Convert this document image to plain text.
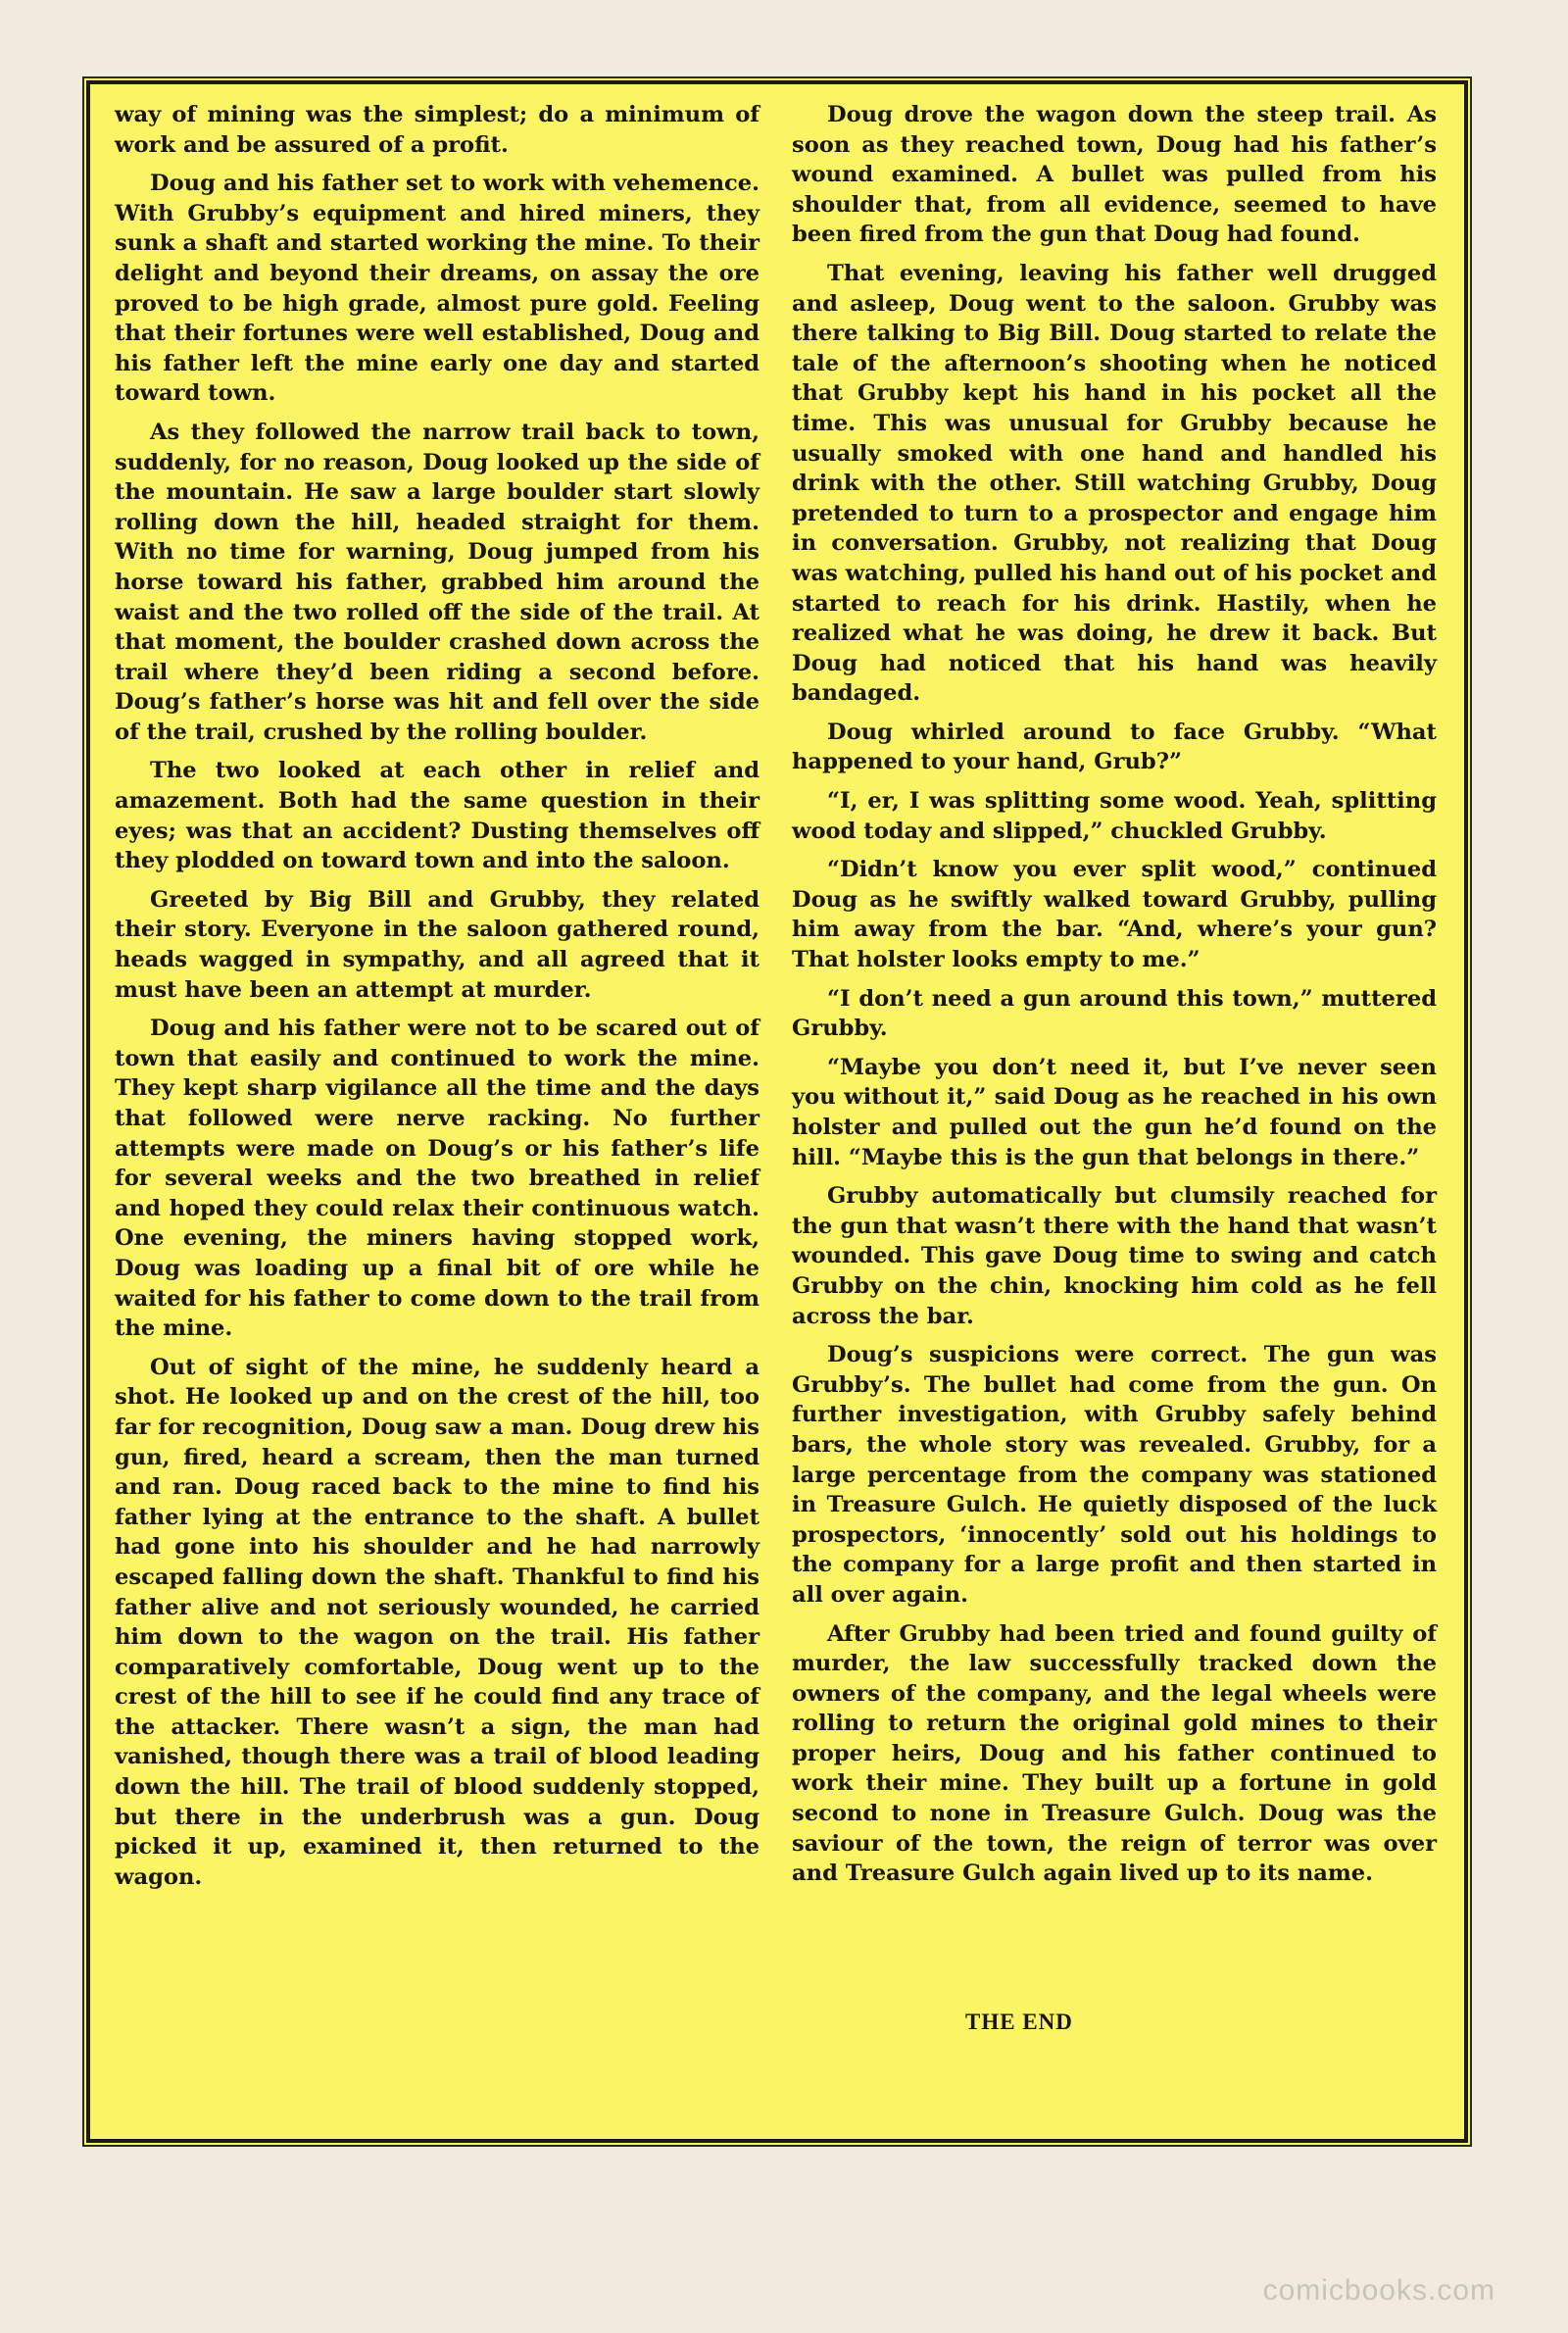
way of mining was the simplest; do a minimum of work and be assured of a profit.

Doug and his father set to work with vehemence. With Grubby’s equipment and hired miners, they sunk a shaft and started working the mine. To their delight and beyond their dreams, on assay the ore proved to be high grade, almost pure gold. Feeling that their fortunes were well established, Doug and his father left the mine early one day and started toward town.

As they followed the narrow trail back to town, suddenly, for no reason, Doug looked up the side of the mountain. He saw a large boulder start slowly rolling down the hill, headed straight for them. With no time for warning, Doug jumped from his horse toward his father, grabbed him around the waist and the two rolled off the side of the trail. At that moment, the boulder crashed down across the trail where they’d been riding a second before. Doug’s father’s horse was hit and fell over the side of the trail, crushed by the rolling boulder.

The two looked at each other in relief and amazement. Both had the same question in their eyes; was that an accident? Dusting themselves off they plodded on toward town and into the saloon.

Greeted by Big Bill and Grubby, they related their story. Everyone in the saloon gathered round, heads wagged in sympathy, and all agreed that it must have been an attempt at murder.

Doug and his father were not to be scared out of town that easily and continued to work the mine. They kept sharp vigilance all the time and the days that followed were nerve racking. No further attempts were made on Doug’s or his father’s life for several weeks and the two breathed in relief and hoped they could relax their continuous watch. One evening, the miners having stopped work, Doug was loading up a final bit of ore while he waited for his father to come down to the trail from the mine.

Out of sight of the mine, he suddenly heard a shot. He looked up and on the crest of the hill, too far for recognition, Doug saw a man. Doug drew his gun, fired, heard a scream, then the man turned and ran. Doug raced back to the mine to find his father lying at the entrance to the shaft. A bullet had gone into his shoulder and he had narrowly escaped falling down the shaft. Thankful to find his father alive and not seriously wounded, he carried him down to the wagon on the trail. His father comparatively comfortable, Doug went up to the crest of the hill to see if he could find any trace of the attacker. There wasn’t a sign, the man had vanished, though there was a trail of blood leading down the hill. The trail of blood suddenly stopped, but there in the underbrush was a gun. Doug picked it up, examined it, then returned to the wagon.

Doug drove the wagon down the steep trail. As soon as they reached town, Doug had his father’s wound examined. A bullet was pulled from his shoulder that, from all evidence, seemed to have been fired from the gun that Doug had found.

That evening, leaving his father well drugged and asleep, Doug went to the saloon. Grubby was there talking to Big Bill. Doug started to relate the tale of the afternoon’s shooting when he noticed that Grubby kept his hand in his pocket all the time. This was unusual for Grubby because he usually smoked with one hand and handled his drink with the other. Still watching Grubby, Doug pretended to turn to a prospector and engage him in conversation. Grubby, not realizing that Doug was watching, pulled his hand out of his pocket and started to reach for his drink. Hastily, when he realized what he was doing, he drew it back. But Doug had noticed that his hand was heavily bandaged.

Doug whirled around to face Grubby. “What happened to your hand, Grub?”

“I, er, I was splitting some wood. Yeah, splitting wood today and slipped,” chuckled Grubby.

“Didn’t know you ever split wood,” continued Doug as he swiftly walked toward Grubby, pulling him away from the bar. “And, where’s your gun? That holster looks empty to me.”

“I don’t need a gun around this town,” muttered Grubby.

“Maybe you don’t need it, but I’ve never seen you without it,” said Doug as he reached in his own holster and pulled out the gun he’d found on the hill. “Maybe this is the gun that belongs in there.”

Grubby automatically but clumsily reached for the gun that wasn’t there with the hand that wasn’t wounded. This gave Doug time to swing and catch Grubby on the chin, knocking him cold as he fell across the bar.

Doug’s suspicions were correct. The gun was Grubby’s. The bullet had come from the gun. On further investigation, with Grubby safely behind bars, the whole story was revealed. Grubby, for a large percentage from the company was stationed in Treasure Gulch. He quietly disposed of the luck prospectors, ‘innocently’ sold out his holdings to the company for a large profit and then started in all over again.

After Grubby had been tried and found guilty of murder, the law successfully tracked down the owners of the company, and the legal wheels were rolling to return the original gold mines to their proper heirs, Doug and his father continued to work their mine. They built up a fortune in gold second to none in Treasure Gulch. Doug was the saviour of the town, the reign of terror was over and Treasure Gulch again lived up to its name.

THE END
comicbooks.com
